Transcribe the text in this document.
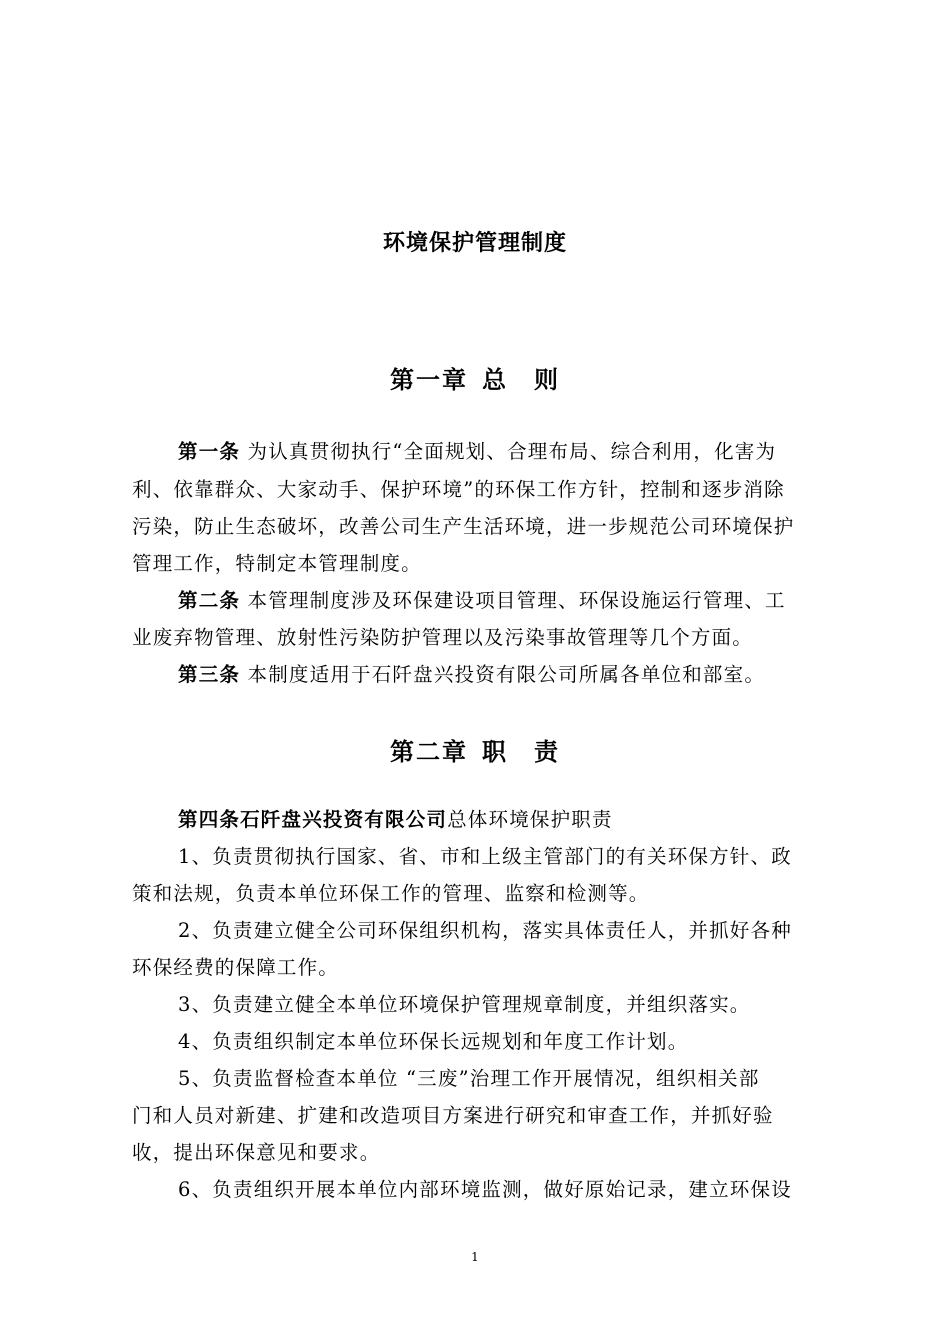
环境保护管理制度
第一章 总 则
第一条 为认真贯彻执行“全面规划、合理布局、综合利用，化害为
利、依靠群众、大家动手、保护环境”的环保工作方针，控制和逐步消除
污染，防止生态破坏，改善公司生产生活环境，进一步规范公司环境保护
管理工作，特制定本管理制度。
第二条 本管理制度涉及环保建设项目管理、环保设施运行管理、工
业废弃物管理、放射性污染防护管理以及污染事故管理等几个方面。
第三条 本制度适用于石阡盘兴投资有限公司所属各单位和部室。
第二章 职 责
第四条石阡盘兴投资有限公司总体环境保护职责
1、负责贯彻执行国家、省、市和上级主管部门的有关环保方针、政
策和法规，负责本单位环保工作的管理、监察和检测等。
2、负责建立健全公司环保组织机构，落实具体责任人，并抓好各种
环保经费的保障工作。
3、负责建立健全本单位环境保护管理规章制度，并组织落实。
4、负责组织制定本单位环保长远规划和年度工作计划。
5、负责监督检查本单位 “三废”治理工作开展情况，组织相关部
门和人员对新建、扩建和改造项目方案进行研究和审查工作，并抓好验
收，提出环保意见和要求。
6、负责组织开展本单位内部环境监测，做好原始记录，建立环保设
1
